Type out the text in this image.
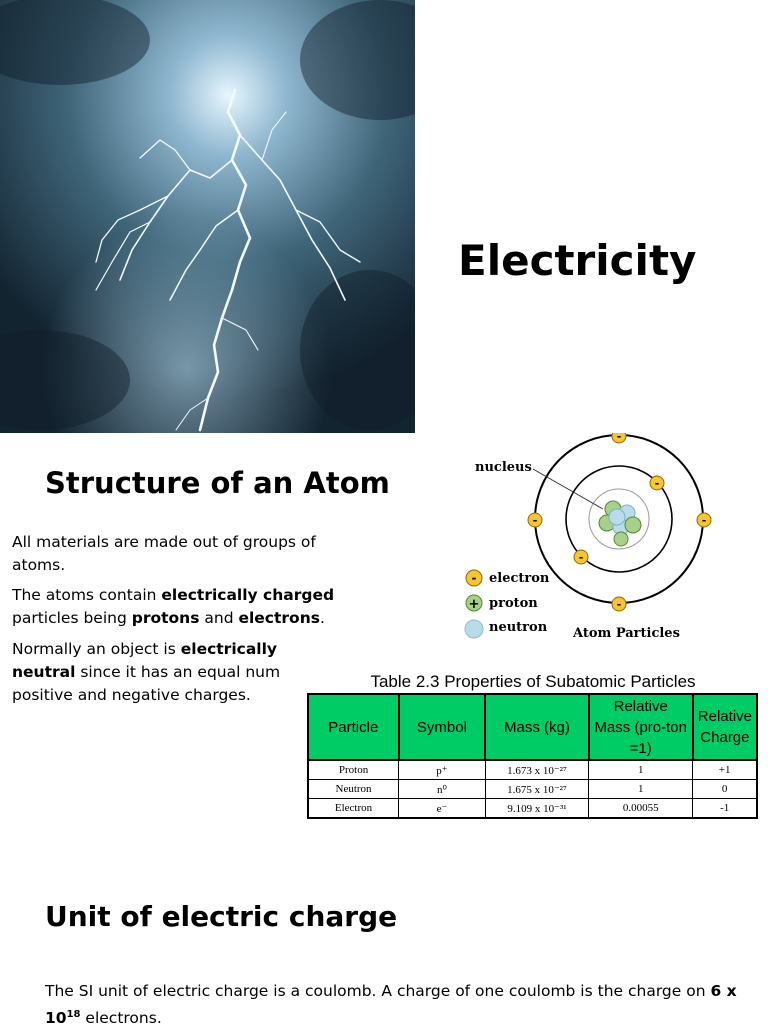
Electricity
Structure of an Atom

All materials are made out of groups of atoms.

The atoms contain electrically charged particles being protons and electrons.

Normally an object is electrically neutral since it has an equal num positive and negative charges.

nucleus
-
-
-	-
-
-
- electron
+ proton
neutron Atom Particles

Table 2.3 Properties of Subatomic Particles

Particle	Symbol	Mass (kg)	Relative Mass (pro-ton =1)	Relative Charge
Proton	p⁺	1.673 x 10⁻²⁷	1	+1
Neutron	n⁰	1.675 x 10⁻²⁷	1	0
Electron	e⁻	9.109 x 10⁻³¹	0.00055	-1
Unit of electric charge

The SI unit of electric charge is a coulomb. A charge of one coulomb is the charge on 6 x $10^{18}$ electrons.
